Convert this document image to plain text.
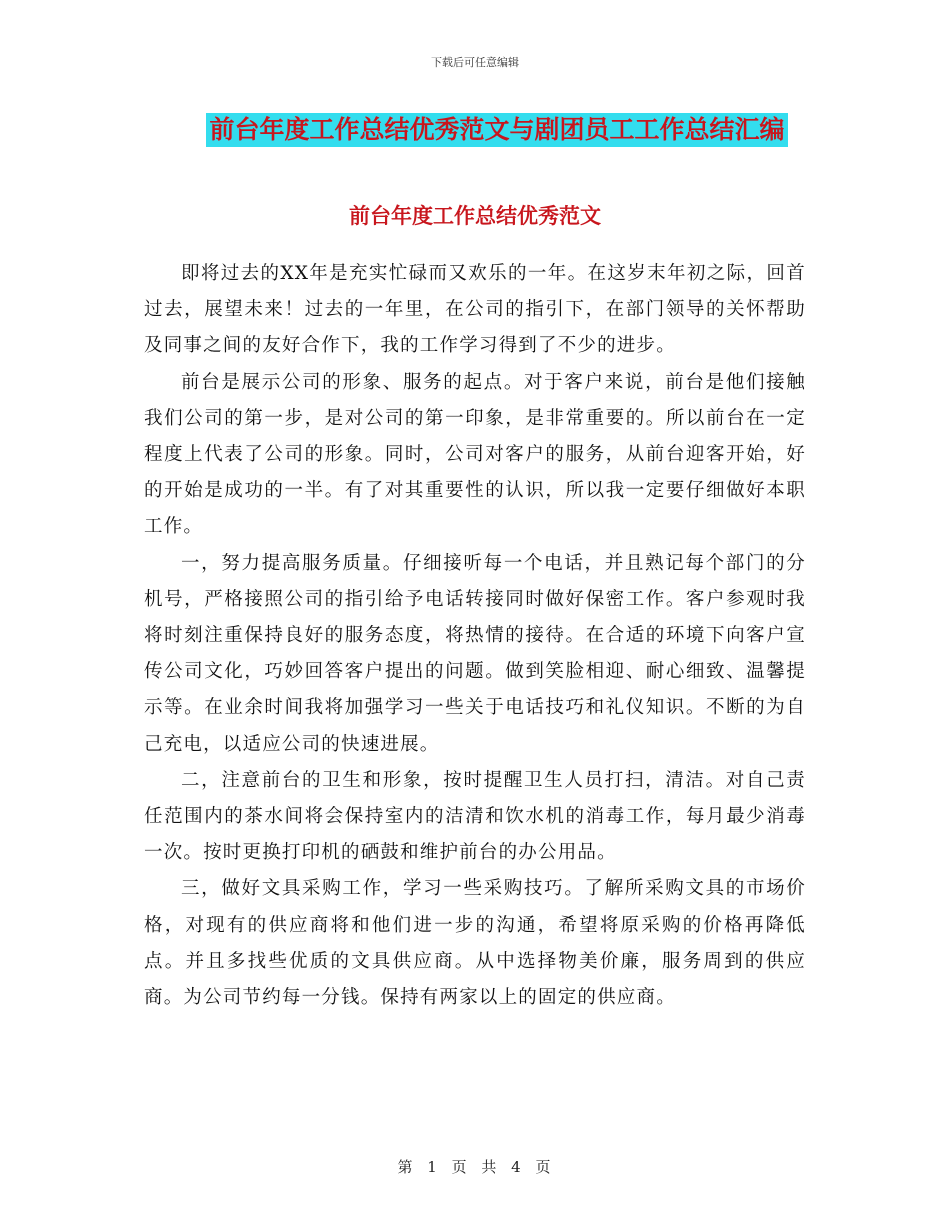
下载后可任意编辑
前台年度工作总结优秀范文与剧团员工工作总结汇编
前台年度工作总结优秀范文

即将过去的XX年是充实忙碌而又欢乐的一年。在这岁末年初之际，回首过去，展望未来！过去的一年里，在公司的指引下，在部门领导的关怀帮助及同事之间的友好合作下，我的工作学习得到了不少的进步。

前台是展示公司的形象、服务的起点。对于客户来说，前台是他们接触我们公司的第一步，是对公司的第一印象，是非常重要的。所以前台在一定程度上代表了公司的形象。同时，公司对客户的服务，从前台迎客开始，好的开始是成功的一半。有了对其重要性的认识，所以我一定要仔细做好本职工作。

一，努力提高服务质量。仔细接听每一个电话，并且熟记每个部门的分机号，严格接照公司的指引给予电话转接同时做好保密工作。客户参观时我将时刻注重保持良好的服务态度，将热情的接待。在合适的环境下向客户宣传公司文化，巧妙回答客户提出的问题。做到笑脸相迎、耐心细致、温馨提示等。在业余时间我将加强学习一些关于电话技巧和礼仪知识。不断的为自己充电，以适应公司的快速进展。

二，注意前台的卫生和形象，按时提醒卫生人员打扫，清洁。对自己责任范围内的茶水间将会保持室内的洁清和饮水机的消毒工作，每月最少消毒一次。按时更换打印机的硒鼓和维护前台的办公用品。

三，做好文具采购工作，学习一些采购技巧。了解所采购文具的市场价格，对现有的供应商将和他们进一步的沟通，希望将原采购的价格再降低点。并且多找些优质的文具供应商。从中选择物美价廉，服务周到的供应商。为公司节约每一分钱。保持有两家以上的固定的供应商。

第 1 页 共 4 页
